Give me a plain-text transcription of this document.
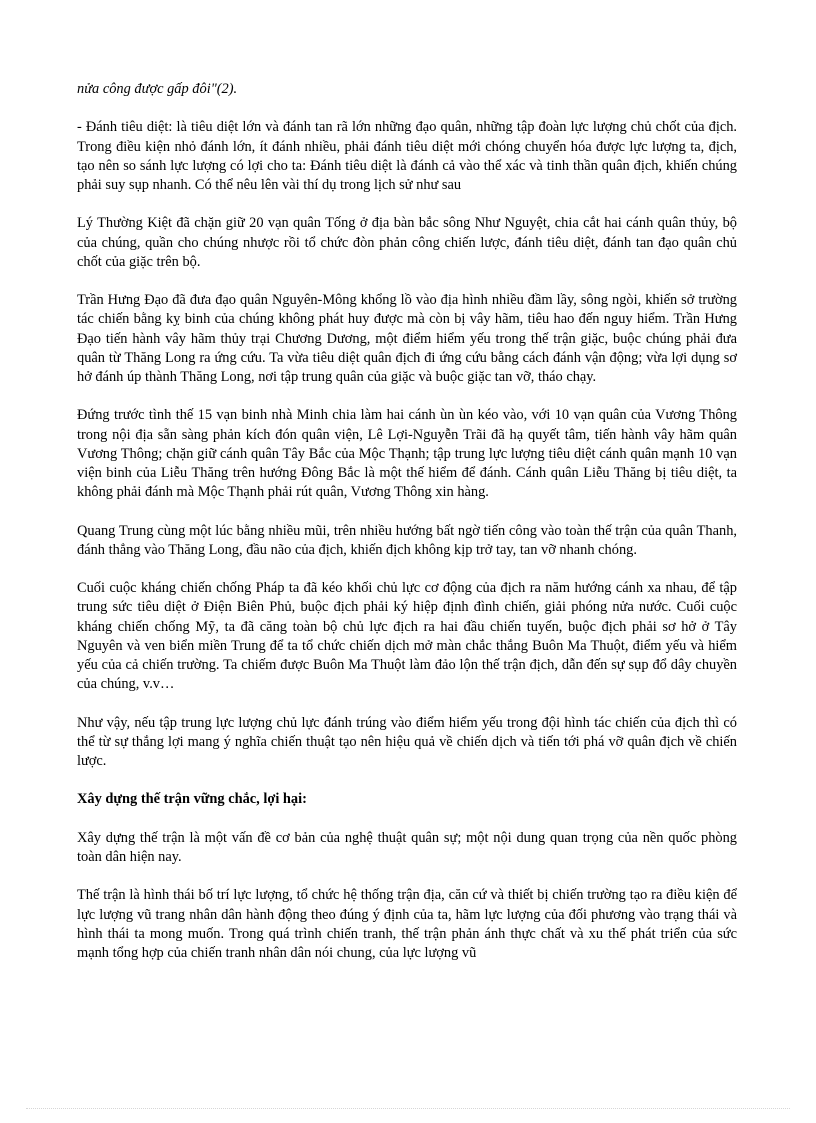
nửa công được gấp đôi"(2).

- Đánh tiêu diệt: là tiêu diệt lớn và đánh tan rã lớn những đạo quân, những tập đoàn lực lượng chủ chốt của địch. Trong điều kiện nhỏ đánh lớn, ít đánh nhiều, phải đánh tiêu diệt mới chóng chuyển hóa được lực lượng ta, địch, tạo nên so sánh lực lượng có lợi cho ta: Đánh tiêu diệt là đánh cả vào thể xác và tinh thần quân địch, khiến chúng phải suy sụp nhanh. Có thể nêu lên vài thí dụ trong lịch sử như sau

Lý Thường Kiệt đã chặn giữ 20 vạn quân Tống ở địa bàn bắc sông Như Nguyệt, chia cắt hai cánh quân thủy, bộ của chúng, quần cho chúng nhược rồi tổ chức đòn phản công chiến lược, đánh tiêu diệt, đánh tan đạo quân chủ chốt của giặc trên bộ.

Trần Hưng Đạo đã đưa đạo quân Nguyên-Mông khổng lồ vào địa hình nhiều đầm lầy, sông ngòi, khiến sở trường tác chiến bằng kỵ binh của chúng không phát huy được mà còn bị vây hãm, tiêu hao đến nguy hiểm. Trần Hưng Đạo tiến hành vây hãm thủy trại Chương Dương, một điểm hiểm yếu trong thế trận giặc, buộc chúng phải đưa quân từ Thăng Long ra ứng cứu. Ta vừa tiêu diệt quân địch đi ứng cứu bằng cách đánh vận động; vừa lợi dụng sơ hở đánh úp thành Thăng Long, nơi tập trung quân của giặc và buộc giặc tan vỡ, tháo chạy.

Đứng trước tình thế 15 vạn binh nhà Minh chia làm hai cánh ùn ùn kéo vào, với 10 vạn quân của Vương Thông trong nội địa sẵn sàng phản kích đón quân viện, Lê Lợi-Nguyễn Trãi đã hạ quyết tâm, tiến hành vây hãm quân Vương Thông; chặn giữ cánh quân Tây Bắc của Mộc Thạnh; tập trung lực lượng tiêu diệt cánh quân mạnh 10 vạn viện binh của Liễu Thăng trên hướng Đông Bắc là một thế hiểm để đánh. Cánh quân Liễu Thăng bị tiêu diệt, ta không phải đánh mà Mộc Thạnh phải rút quân, Vương Thông xin hàng.

Quang Trung cùng một lúc bằng nhiều mũi, trên nhiều hướng bất ngờ tiến công vào toàn thế trận của quân Thanh, đánh thẳng vào Thăng Long, đầu não của địch, khiến địch không kịp trở tay, tan vỡ nhanh chóng.

Cuối cuộc kháng chiến chống Pháp ta đã kéo khối chủ lực cơ động của địch ra năm hướng cánh xa nhau, để tập trung sức tiêu diệt ở Điện Biên Phủ, buộc địch phải ký hiệp định đình chiến, giải phóng nửa nước. Cuối cuộc kháng chiến chống Mỹ, ta đã căng toàn bộ chủ lực địch ra hai đầu chiến tuyến, buộc địch phải sơ hở ở Tây Nguyên và ven biển miền Trung để ta tổ chức chiến dịch mở màn chắc thắng Buôn Ma Thuột, điểm yếu và hiểm yếu của cả chiến trường. Ta chiếm được Buôn Ma Thuột làm đảo lộn thế trận địch, dẫn đến sự sụp đổ dây chuyền của chúng, v.v…

Như vậy, nếu tập trung lực lượng chủ lực đánh trúng vào điểm hiểm yếu trong đội hình tác chiến của địch thì có thể từ sự thắng lợi mang ý nghĩa chiến thuật tạo nên hiệu quả về chiến dịch và tiến tới phá vỡ quân địch về chiến lược.

Xây dựng thế trận vững chắc, lợi hại:

Xây dựng thế trận là một vấn đề cơ bản của nghệ thuật quân sự; một nội dung quan trọng của nền quốc phòng toàn dân hiện nay.

Thế trận là hình thái bố trí lực lượng, tổ chức hệ thống trận địa, căn cứ và thiết bị chiến trường tạo ra điều kiện để lực lượng vũ trang nhân dân hành động theo đúng ý định của ta, hãm lực lượng của đối phương vào trạng thái và hình thái ta mong muốn. Trong quá trình chiến tranh, thế trận phản ánh thực chất và xu thế phát triển của sức mạnh tổng hợp của chiến tranh nhân dân nói chung, của lực lượng vũ
